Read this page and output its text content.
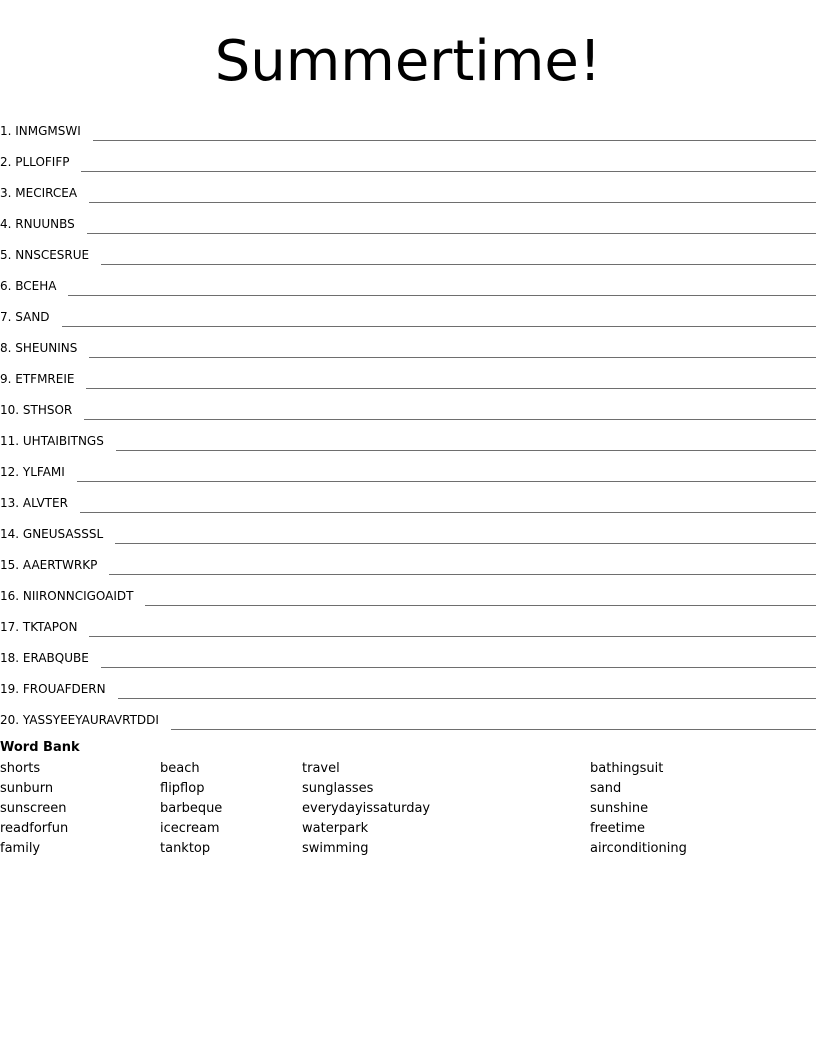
Summertime!
1. INMGMSWI
2. PLLOFIFP
3. MECIRCEA
4. RNUUNBS
5. NNSCESRUE
6. BCEHA
7. SAND
8. SHEUNINS
9. ETFMREIE
10. STHSOR
11. UHTAIBITNGS
12. YLFAMI
13. ALVTER
14. GNEUSASSSL
15. AAERTWRKP
16. NIIRONNCIGOAIDT
17. TKTAPON
18. ERABQUBE
19. FROUAFDERN
20. YASSYEEYAURAVRTDDI
Word Bank
shorts
sunburn
sunscreen
readforfun
family
beach
flipflop
barbeque
icecream
tanktop
travel
sunglasses
everydayissaturday
waterpark
swimming
bathingsuit
sand
sunshine
freetime
airconditioning
